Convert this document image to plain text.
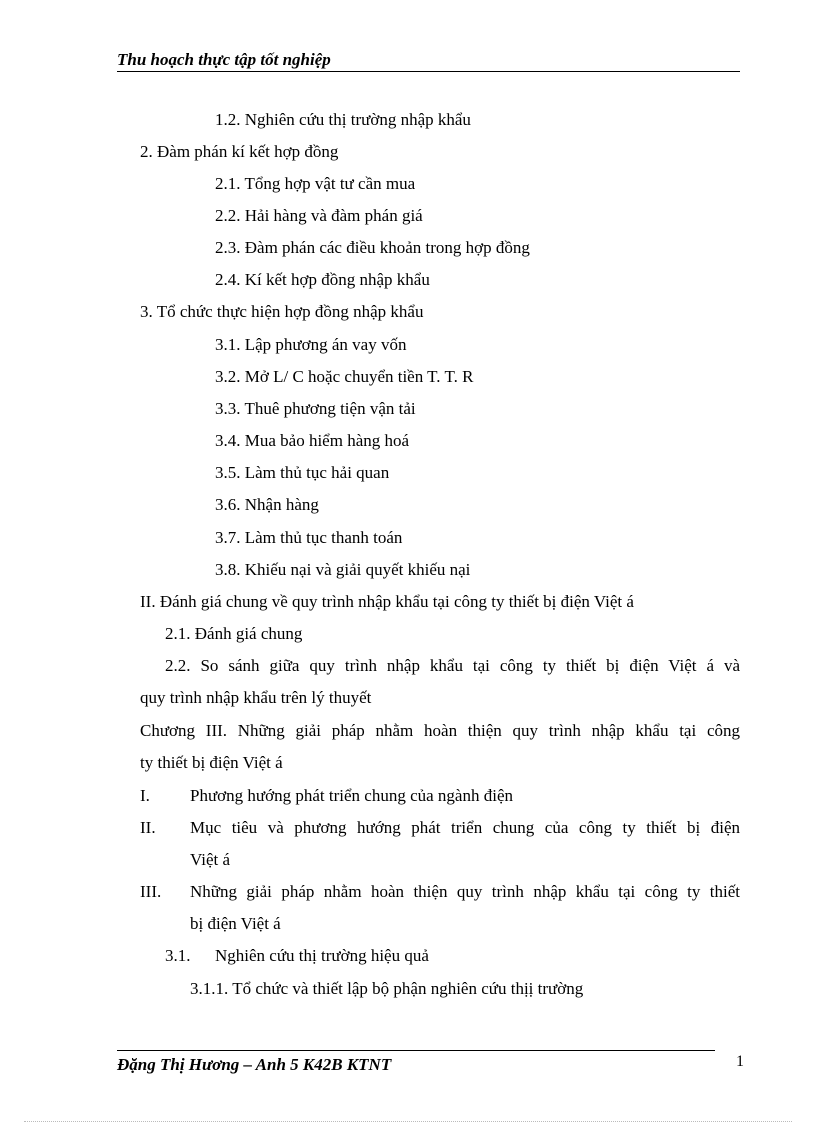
Thu hoạch thực tập tốt nghiệp
1.2. Nghiên cứu thị trường nhập khẩu
2. Đàm phán kí kết hợp đồng
2.1. Tổng hợp vật tư cần mua
2.2. Hải hàng và đàm phán giá
2.3. Đàm phán các điều khoản trong hợp đồng
2.4. Kí kết hợp đồng nhập khẩu
3. Tổ chức thực hiện hợp đồng nhập khẩu
3.1. Lập phương án vay vốn
3.2. Mở L/ C hoặc chuyển tiền T. T. R
3.3. Thuê phương tiện vận tải
3.4. Mua bảo hiểm hàng hoá
3.5. Làm thủ tục hải quan
3.6. Nhận hàng
3.7. Làm thủ tục thanh toán
3.8. Khiếu nại và giải quyết khiếu nại
II. Đánh giá chung về quy trình nhập khẩu tại công ty thiết bị điện Việt á
2.1. Đánh giá chung
2.2. So sánh giữa quy trình nhập khẩu tại công ty thiết bị điện Việt á và
quy trình nhập khẩu trên lý thuyết
Chương III. Những giải pháp nhằm hoàn thiện quy trình nhập khẩu tại công
ty thiết bị điện Việt á
I. Phương hướng phát triển chung của ngành điện
II. Mục tiêu và phương hướng phát triển chung của công ty thiết bị điện
Việt á
III. Những giải pháp nhằm hoàn thiện quy trình nhập khẩu tại công ty thiết
bị điện Việt á
3.1. Nghiên cứu thị trường hiệu quả
3.1.1. Tổ chức và thiết lập bộ phận nghiên cứu thịị trường
Đặng Thị Hương – Anh 5 K42B KTNT	1
